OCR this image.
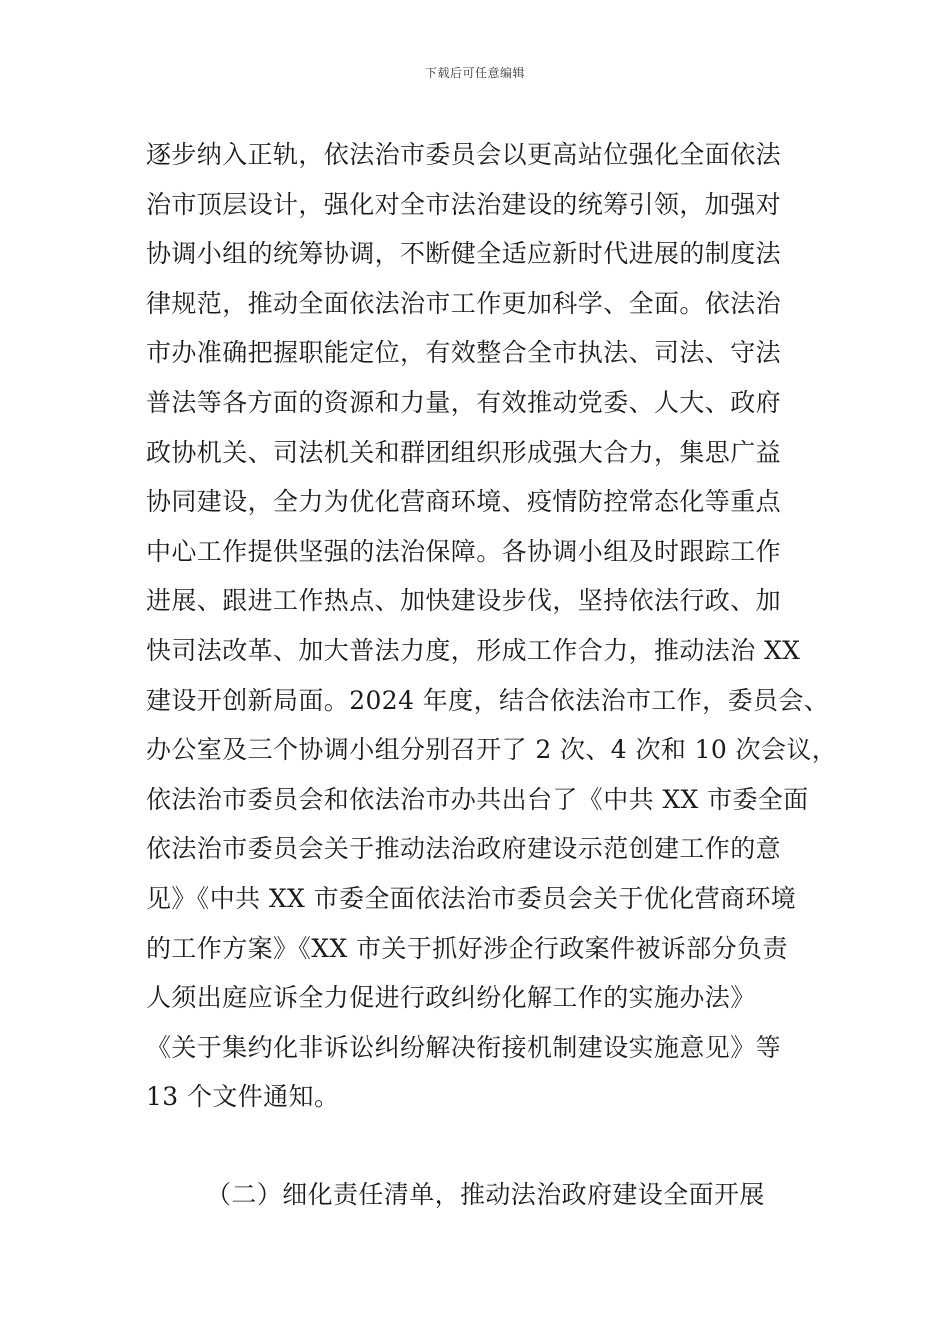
下载后可任意编辑
逐步纳入正轨，依法治市委员会以更高站位强化全面依法
治市顶层设计，强化对全市法治建设的统筹引领，加强对
协调小组的统筹协调，不断健全适应新时代进展的制度法
律规范，推动全面依法治市工作更加科学、全面。依法治
市办准确把握职能定位，有效整合全市执法、司法、守法
普法等各方面的资源和力量，有效推动党委、人大、政府
政协机关、司法机关和群团组织形成强大合力，集思广益
协同建设，全力为优化营商环境、疫情防控常态化等重点
中心工作提供坚强的法治保障。各协调小组及时跟踪工作
进展、跟进工作热点、加快建设步伐，坚持依法行政、加
快司法改革、加大普法力度，形成工作合力，推动法治 XX
建设开创新局面。2024 年度，结合依法治市工作，委员会、
办公室及三个协调小组分别召开了 2 次、4 次和 10 次会议，
依法治市委员会和依法治市办共出台了《中共 XX 市委全面
依法治市委员会关于推动法治政府建设示范创建工作的意
见》《中共 XX 市委全面依法治市委员会关于优化营商环境
的工作方案》《XX 市关于抓好涉企行政案件被诉部分负责
人须出庭应诉全力促进行政纠纷化解工作的实施办法》
《关于集约化非诉讼纠纷解决衔接机制建设实施意见》等
13 个文件通知。
（二）细化责任清单，推动法治政府建设全面开展
